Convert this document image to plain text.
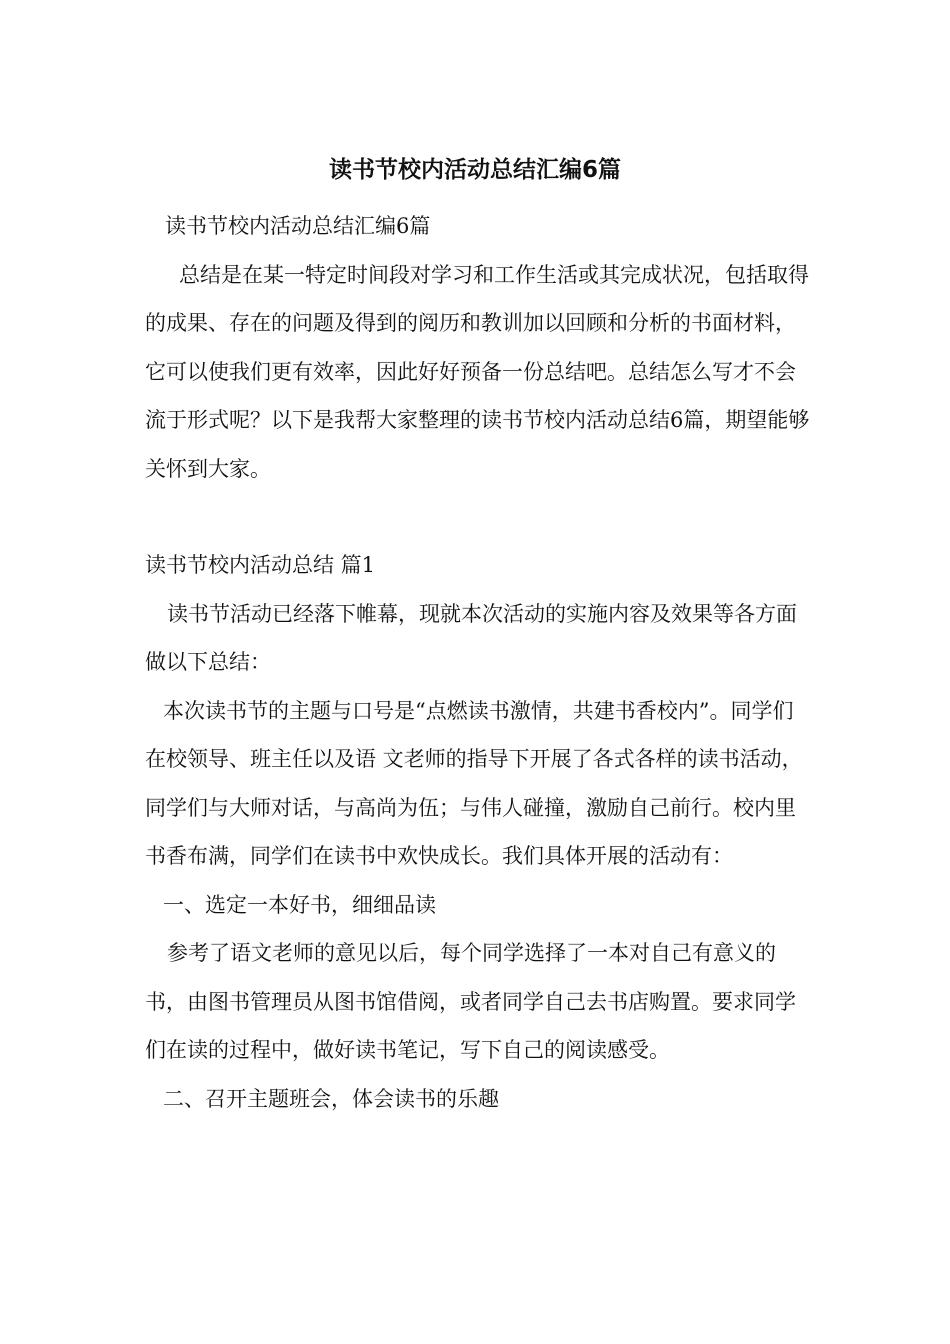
读书节校内活动总结汇编6篇

读书节校内活动总结汇编6篇

总结是在某一特定时间段对学习和工作生活或其完成状况，包括取得的成果、存在的问题及得到的阅历和教训加以回顾和分析的书面材料，它可以使我们更有效率，因此好好预备一份总结吧。总结怎么写才不会流于形式呢？以下是我帮大家整理的读书节校内活动总结6篇，期望能够关怀到大家。

读书节校内活动总结 篇1

读书节活动已经落下帷幕，现就本次活动的实施内容及效果等各方面做以下总结：

本次读书节的主题与口号是“点燃读书激情，共建书香校内”。同学们在校领导、班主任以及语 文老师的指导下开展了各式各样的读书活动，同学们与大师对话，与高尚为伍；与伟人碰撞，激励自己前行。校内里书香布满，同学们在读书中欢快成长。我们具体开展的活动有：

一、选定一本好书，细细品读

参考了语文老师的意见以后，每个同学选择了一本对自己有意义的书，由图书管理员从图书馆借阅，或者同学自己去书店购置。要求同学们在读的过程中，做好读书笔记，写下自己的阅读感受。

二、召开主题班会，体会读书的乐趣
